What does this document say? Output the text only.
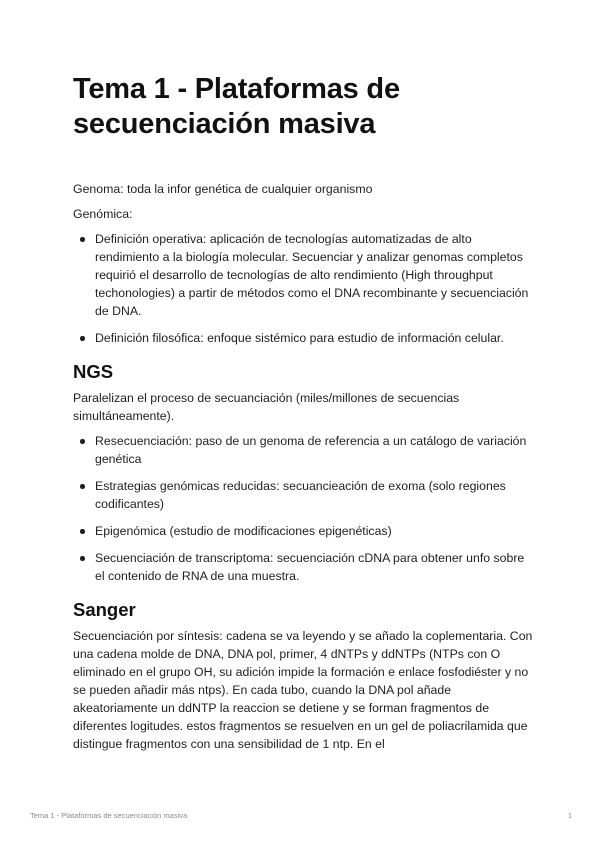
Tema 1 - Plataformas de secuenciación masiva

Genoma: toda la infor genética de cualquier organismo

Genómica:

Definición operativa: aplicación de tecnologías automatizadas de alto rendimiento a la biología molecular. Secuenciar y analizar genomas completos requirió el desarrollo de tecnologías de alto rendimiento (High throughput techonologies) a partir de métodos como el DNA recombinante y secuenciación de DNA.
Definición filosófica: enfoque sistémico para estudio de información celular.
NGS

Paralelizan el proceso de secuanciación (miles/millones de secuencias simultáneamente).

Resecuenciación: paso de un genoma de referencia a un catálogo de variación genética
Estrategias genómicas reducidas: secuancieación de exoma (solo regiones codificantes)
Epigenómica (estudio de modificaciones epigenéticas)
Secuenciación de transcriptoma: secuenciación cDNA para obtener unfo sobre el contenido de RNA de una muestra.
Sanger

Secuenciación por síntesis: cadena se va leyendo y se añado la coplementaria. Con una cadena molde de DNA, DNA pol, primer, 4 dNTPs y ddNTPs (NTPs con O eliminado en el grupo OH, su adición impide la formación e enlace fosfodiéster y no se pueden añadir más ntps). En cada tubo, cuando la DNA pol añade akeatoriamente un ddNTP la reaccion se detiene y se forman fragmentos de diferentes logitudes. estos fragmentos se resuelven en un gel de poliacrilamida que distingue fragmentos con una sensibilidad de 1 ntp. En el

Tema 1 - Plataformas de secuenciación masiva	1
